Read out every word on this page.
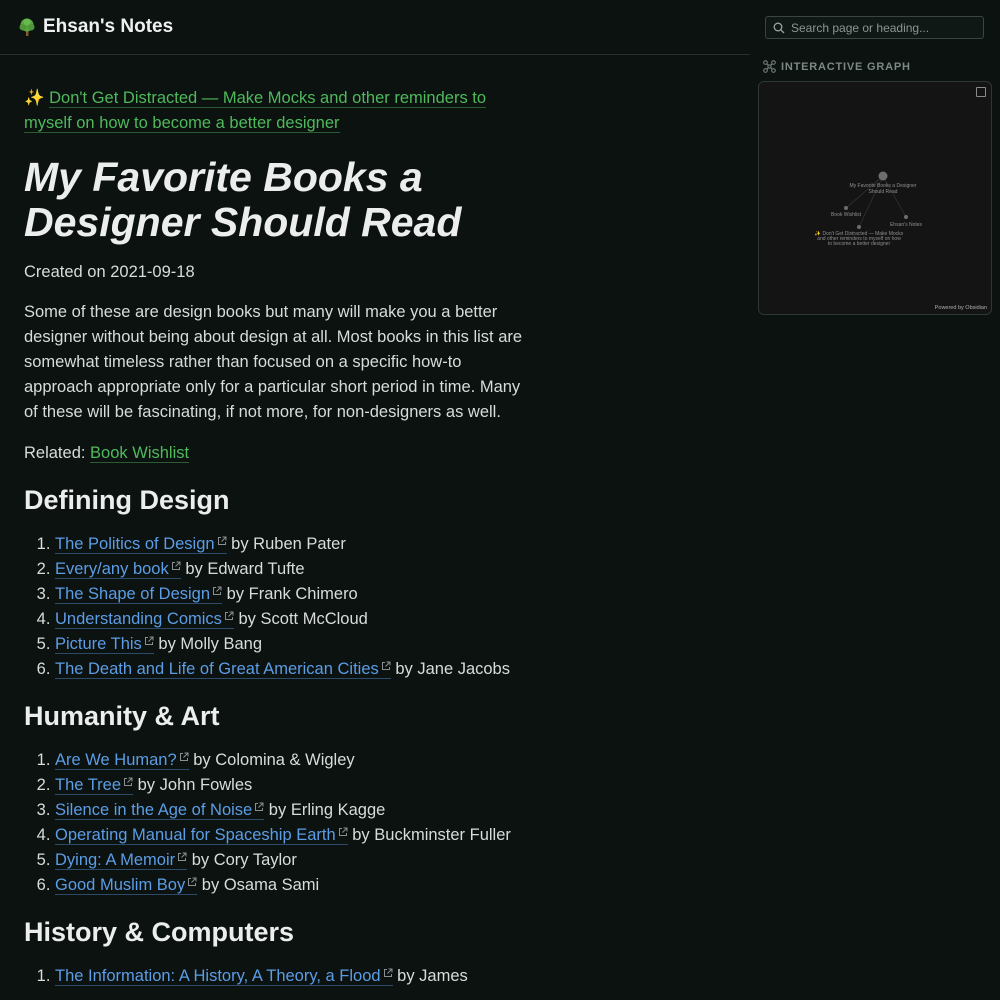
Ehsan's Notes
Search page or heading...
INTERACTIVE GRAPH
My Favorite Books a Designer
Should Read
Book Wishlist
Ehsan's Notes
✨ Don't Get Distracted — Make Mocks
and other reminders to myself on how
to become a better designer
Powered by Obsidian

✨ Don't Get Distracted — Make Mocks and other reminders to myself on how to become a better designer

My Favorite Books a Designer Should Read

Created on 2021-09-18

Some of these are design books but many will make you a better designer without being about design at all. Most books in this list are somewhat timeless rather than focused on a specific how-to approach appropriate only for a particular short period in time. Many of these will be fascinating, if not more, for non-designers as well.

Related: Book Wishlist

Defining Design
1. The Politics of Design by Ruben Pater
2. Every/any book by Edward Tufte
3. The Shape of Design by Frank Chimero
4. Understanding Comics by Scott McCloud
5. Picture This by Molly Bang
6. The Death and Life of Great American Cities by Jane Jacobs
Humanity & Art
1. Are We Human? by Colomina & Wigley
2. The Tree by John Fowles
3. Silence in the Age of Noise by Erling Kagge
4. Operating Manual for Spaceship Earth by Buckminster Fuller
5. Dying: A Memoir by Cory Taylor
6. Good Muslim Boy by Osama Sami
History & Computers
1. The Information: A History, A Theory, a Flood by James
